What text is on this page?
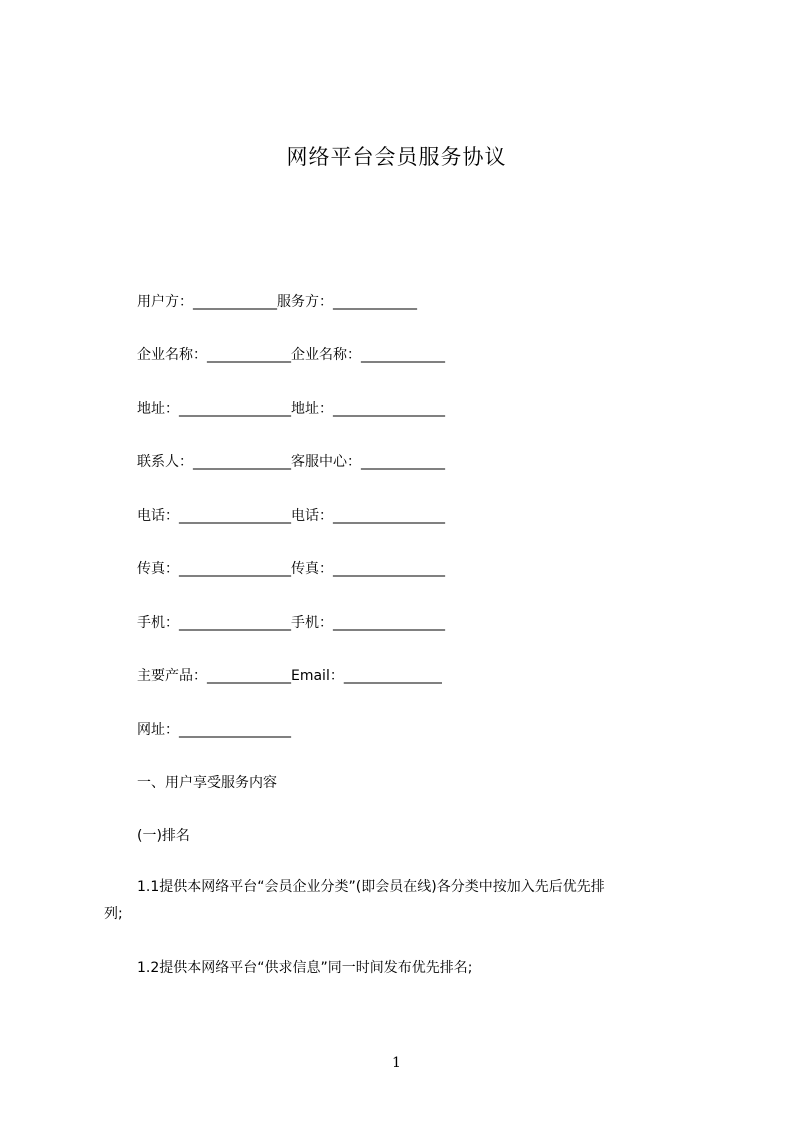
网络平台会员服务协议
用户方：____________服务方：____________
企业名称：____________企业名称：____________
地址：________________地址：________________
联系人：______________客服中心：____________
电话：________________电话：________________
传真：________________传真：________________
手机：________________手机：________________
主要产品：____________Email：______________
网址：________________
一、用户享受服务内容
(一)排名
1.1提供本网络平台“会员企业分类”(即会员在线)各分类中按加入先后优先排
列;
1.2提供本网络平台“供求信息”同一时间发布优先排名;
1
